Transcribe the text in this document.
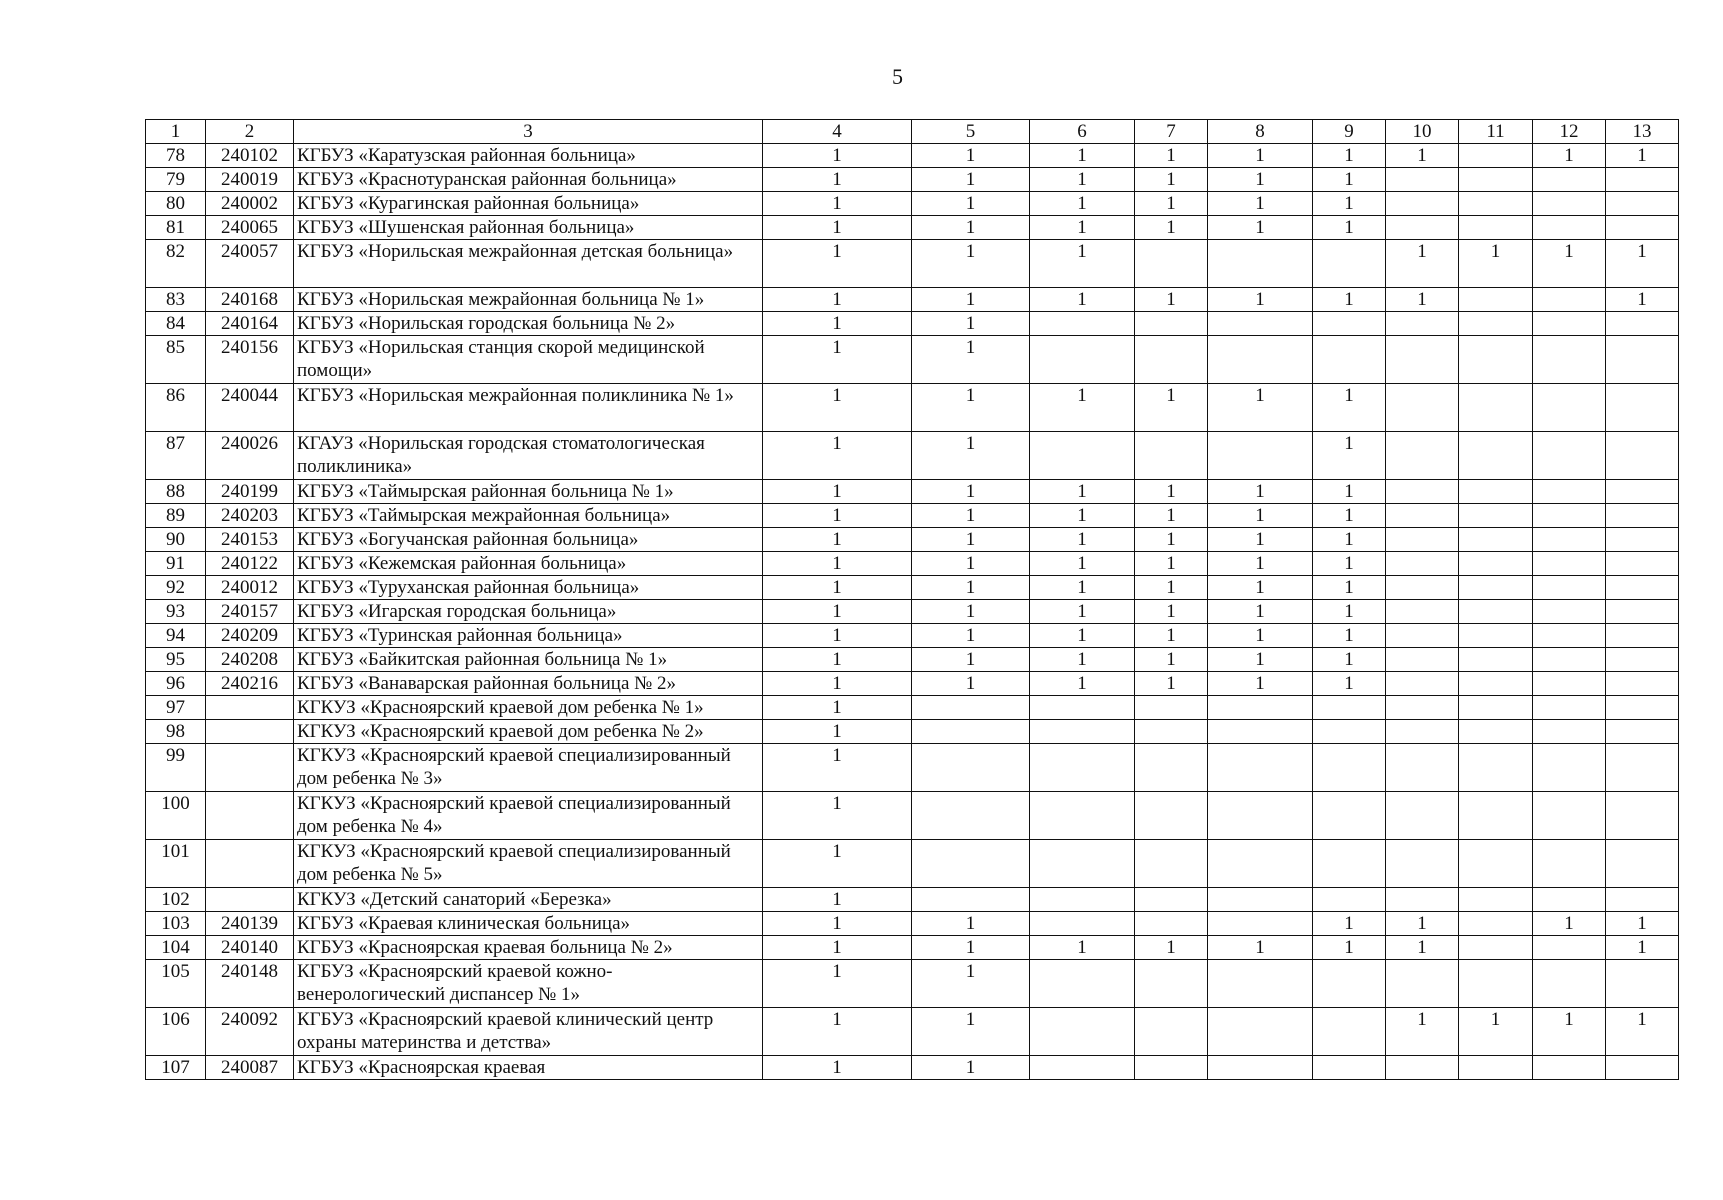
5
1	2	3	4	5	6	7	8	9	10	11	12	13
78	240102	КГБУЗ «Каратузская районная больница»	1	1	1	1	1	1	1		1	1
79	240019	КГБУЗ «Краснотуранская районная больница»	1	1	1	1	1	1				
80	240002	КГБУЗ «Курагинская районная больница»	1	1	1	1	1	1				
81	240065	КГБУЗ «Шушенская районная больница»	1	1	1	1	1	1				
82	240057	КГБУЗ «Норильская межрайонная детская больница»	1	1	1				1	1	1	1
83	240168	КГБУЗ «Норильская межрайонная больница № 1»	1	1	1	1	1	1	1			1
84	240164	КГБУЗ «Норильская городская больница № 2»	1	1								
85	240156	КГБУЗ «Норильская станция скорой медицинской помощи»	1	1								
86	240044	КГБУЗ «Норильская межрайонная поликлиника № 1»	1	1	1	1	1	1				
87	240026	КГАУЗ «Норильская городская стоматологическая поликлиника»	1	1				1				
88	240199	КГБУЗ «Таймырская районная больница № 1»	1	1	1	1	1	1				
89	240203	КГБУЗ «Таймырская межрайонная больница»	1	1	1	1	1	1				
90	240153	КГБУЗ «Богучанская районная больница»	1	1	1	1	1	1				
91	240122	КГБУЗ «Кежемская районная больница»	1	1	1	1	1	1				
92	240012	КГБУЗ «Туруханская районная больница»	1	1	1	1	1	1				
93	240157	КГБУЗ «Игарская городская больница»	1	1	1	1	1	1				
94	240209	КГБУЗ «Туринская районная больница»	1	1	1	1	1	1				
95	240208	КГБУЗ «Байкитская районная больница № 1»	1	1	1	1	1	1				
96	240216	КГБУЗ «Ванаварская районная больница № 2»	1	1	1	1	1	1				
97		КГКУЗ «Красноярский краевой дом ребенка № 1»	1									
98		КГКУЗ «Красноярский краевой дом ребенка № 2»	1									
99		КГКУЗ «Красноярский краевой специализированный дом ребенка № 3»	1									
100		КГКУЗ «Красноярский краевой специализированный дом ребенка № 4»	1									
101		КГКУЗ «Красноярский краевой специализированный дом ребенка № 5»	1									
102		КГКУЗ «Детский санаторий «Березка»	1									
103	240139	КГБУЗ «Краевая клиническая больница»	1	1				1	1		1	1
104	240140	КГБУЗ «Красноярская краевая больница № 2»	1	1	1	1	1	1	1			1
105	240148	КГБУЗ «Красноярский краевой кожно-венерологический диспансер № 1»	1	1								
106	240092	КГБУЗ «Красноярский краевой клинический центр охраны материнства и детства»	1	1					1	1	1	1
107	240087	КГБУЗ «Красноярская краевая	1	1								
